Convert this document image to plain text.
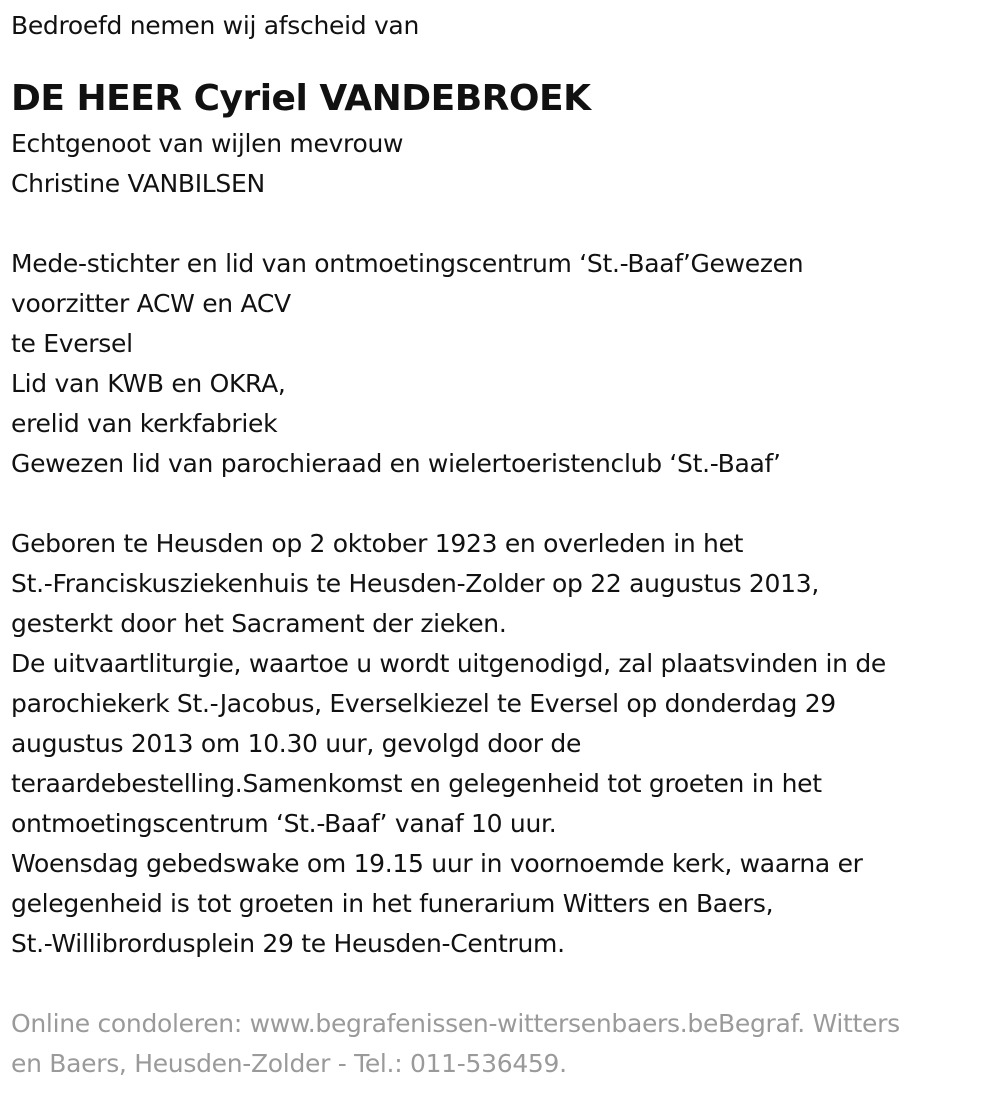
Bedroefd nemen wij afscheid van
DE HEER Cyriel VANDEBROEK
Echtgenoot van wijlen mevrouw
Christine VANBILSEN
Mede-stichter en lid van ontmoetingscentrum ‘St.-Baaf’Gewezen
voorzitter ACW en ACV
te Eversel
Lid van KWB en OKRA,
erelid van kerkfabriek
Gewezen lid van parochieraad en wielertoeristenclub ‘St.-Baaf’
Geboren te Heusden op 2 oktober 1923 en overleden in het
St.-Franciskusziekenhuis te Heusden-Zolder op 22 augustus 2013,
gesterkt door het Sacrament der zieken.
De uitvaartliturgie, waartoe u wordt uitgenodigd, zal plaatsvinden in de
parochiekerk St.-Jacobus, Everselkiezel te Eversel op donderdag 29
augustus 2013 om 10.30 uur, gevolgd door de
teraardebestelling.Samenkomst en gelegenheid tot groeten in het
ontmoetingscentrum ‘St.-Baaf’ vanaf 10 uur.
Woensdag gebedswake om 19.15 uur in voornoemde kerk, waarna er
gelegenheid is tot groeten in het funerarium Witters en Baers,
St.-Willibrordusplein 29 te Heusden-Centrum.
Online condoleren: www.begrafenissen-wittersenbaers.beBegraf. Witters
en Baers, Heusden-Zolder - Tel.: 011-536459.
